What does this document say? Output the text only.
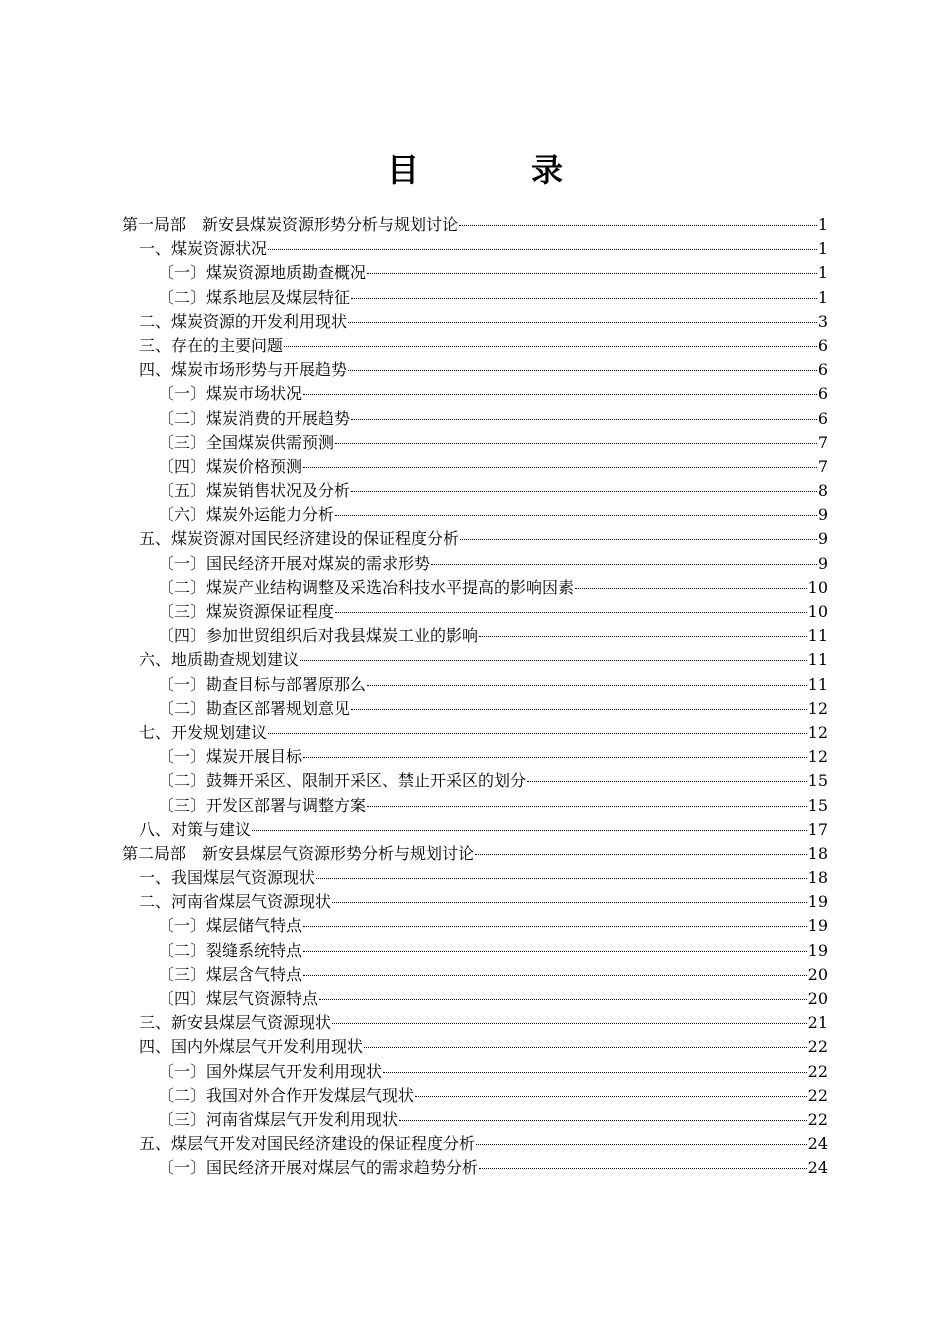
目　录
第一局部　新安县煤炭资源形势分析与规划讨论	1
一、煤炭资源状况	1
〔一〕煤炭资源地质勘查概况	1
〔二〕煤系地层及煤层特征	1
二、煤炭资源的开发利用现状	3
三、存在的主要问题	6
四、煤炭市场形势与开展趋势	6
〔一〕煤炭市场状况	6
〔二〕煤炭消费的开展趋势	6
〔三〕全国煤炭供需预测	7
〔四〕煤炭价格预测	7
〔五〕煤炭销售状况及分析	8
〔六〕煤炭外运能力分析	9
五、煤炭资源对国民经济建设的保证程度分析	9
〔一〕国民经济开展对煤炭的需求形势	9
〔二〕煤炭产业结构调整及采选冶科技水平提高的影响因素	10
〔三〕煤炭资源保证程度	10
〔四〕参加世贸组织后对我县煤炭工业的影响	11
六、地质勘查规划建议	11
〔一〕勘查目标与部署原那么	11
〔二〕勘查区部署规划意见	12
七、开发规划建议	12
〔一〕煤炭开展目标	12
〔二〕鼓舞开采区、限制开采区、禁止开采区的划分	15
〔三〕开发区部署与调整方案	15
八、对策与建议	17
第二局部　新安县煤层气资源形势分析与规划讨论	18
一、我国煤层气资源现状	18
二、河南省煤层气资源现状	19
〔一〕煤层储气特点	19
〔二〕裂缝系统特点	19
〔三〕煤层含气特点	20
〔四〕煤层气资源特点	20
三、新安县煤层气资源现状	21
四、国内外煤层气开发利用现状	22
〔一〕国外煤层气开发利用现状	22
〔二〕我国对外合作开发煤层气现状	22
〔三〕河南省煤层气开发利用现状	22
五、煤层气开发对国民经济建设的保证程度分析	24
〔一〕国民经济开展对煤层气的需求趋势分析	24
